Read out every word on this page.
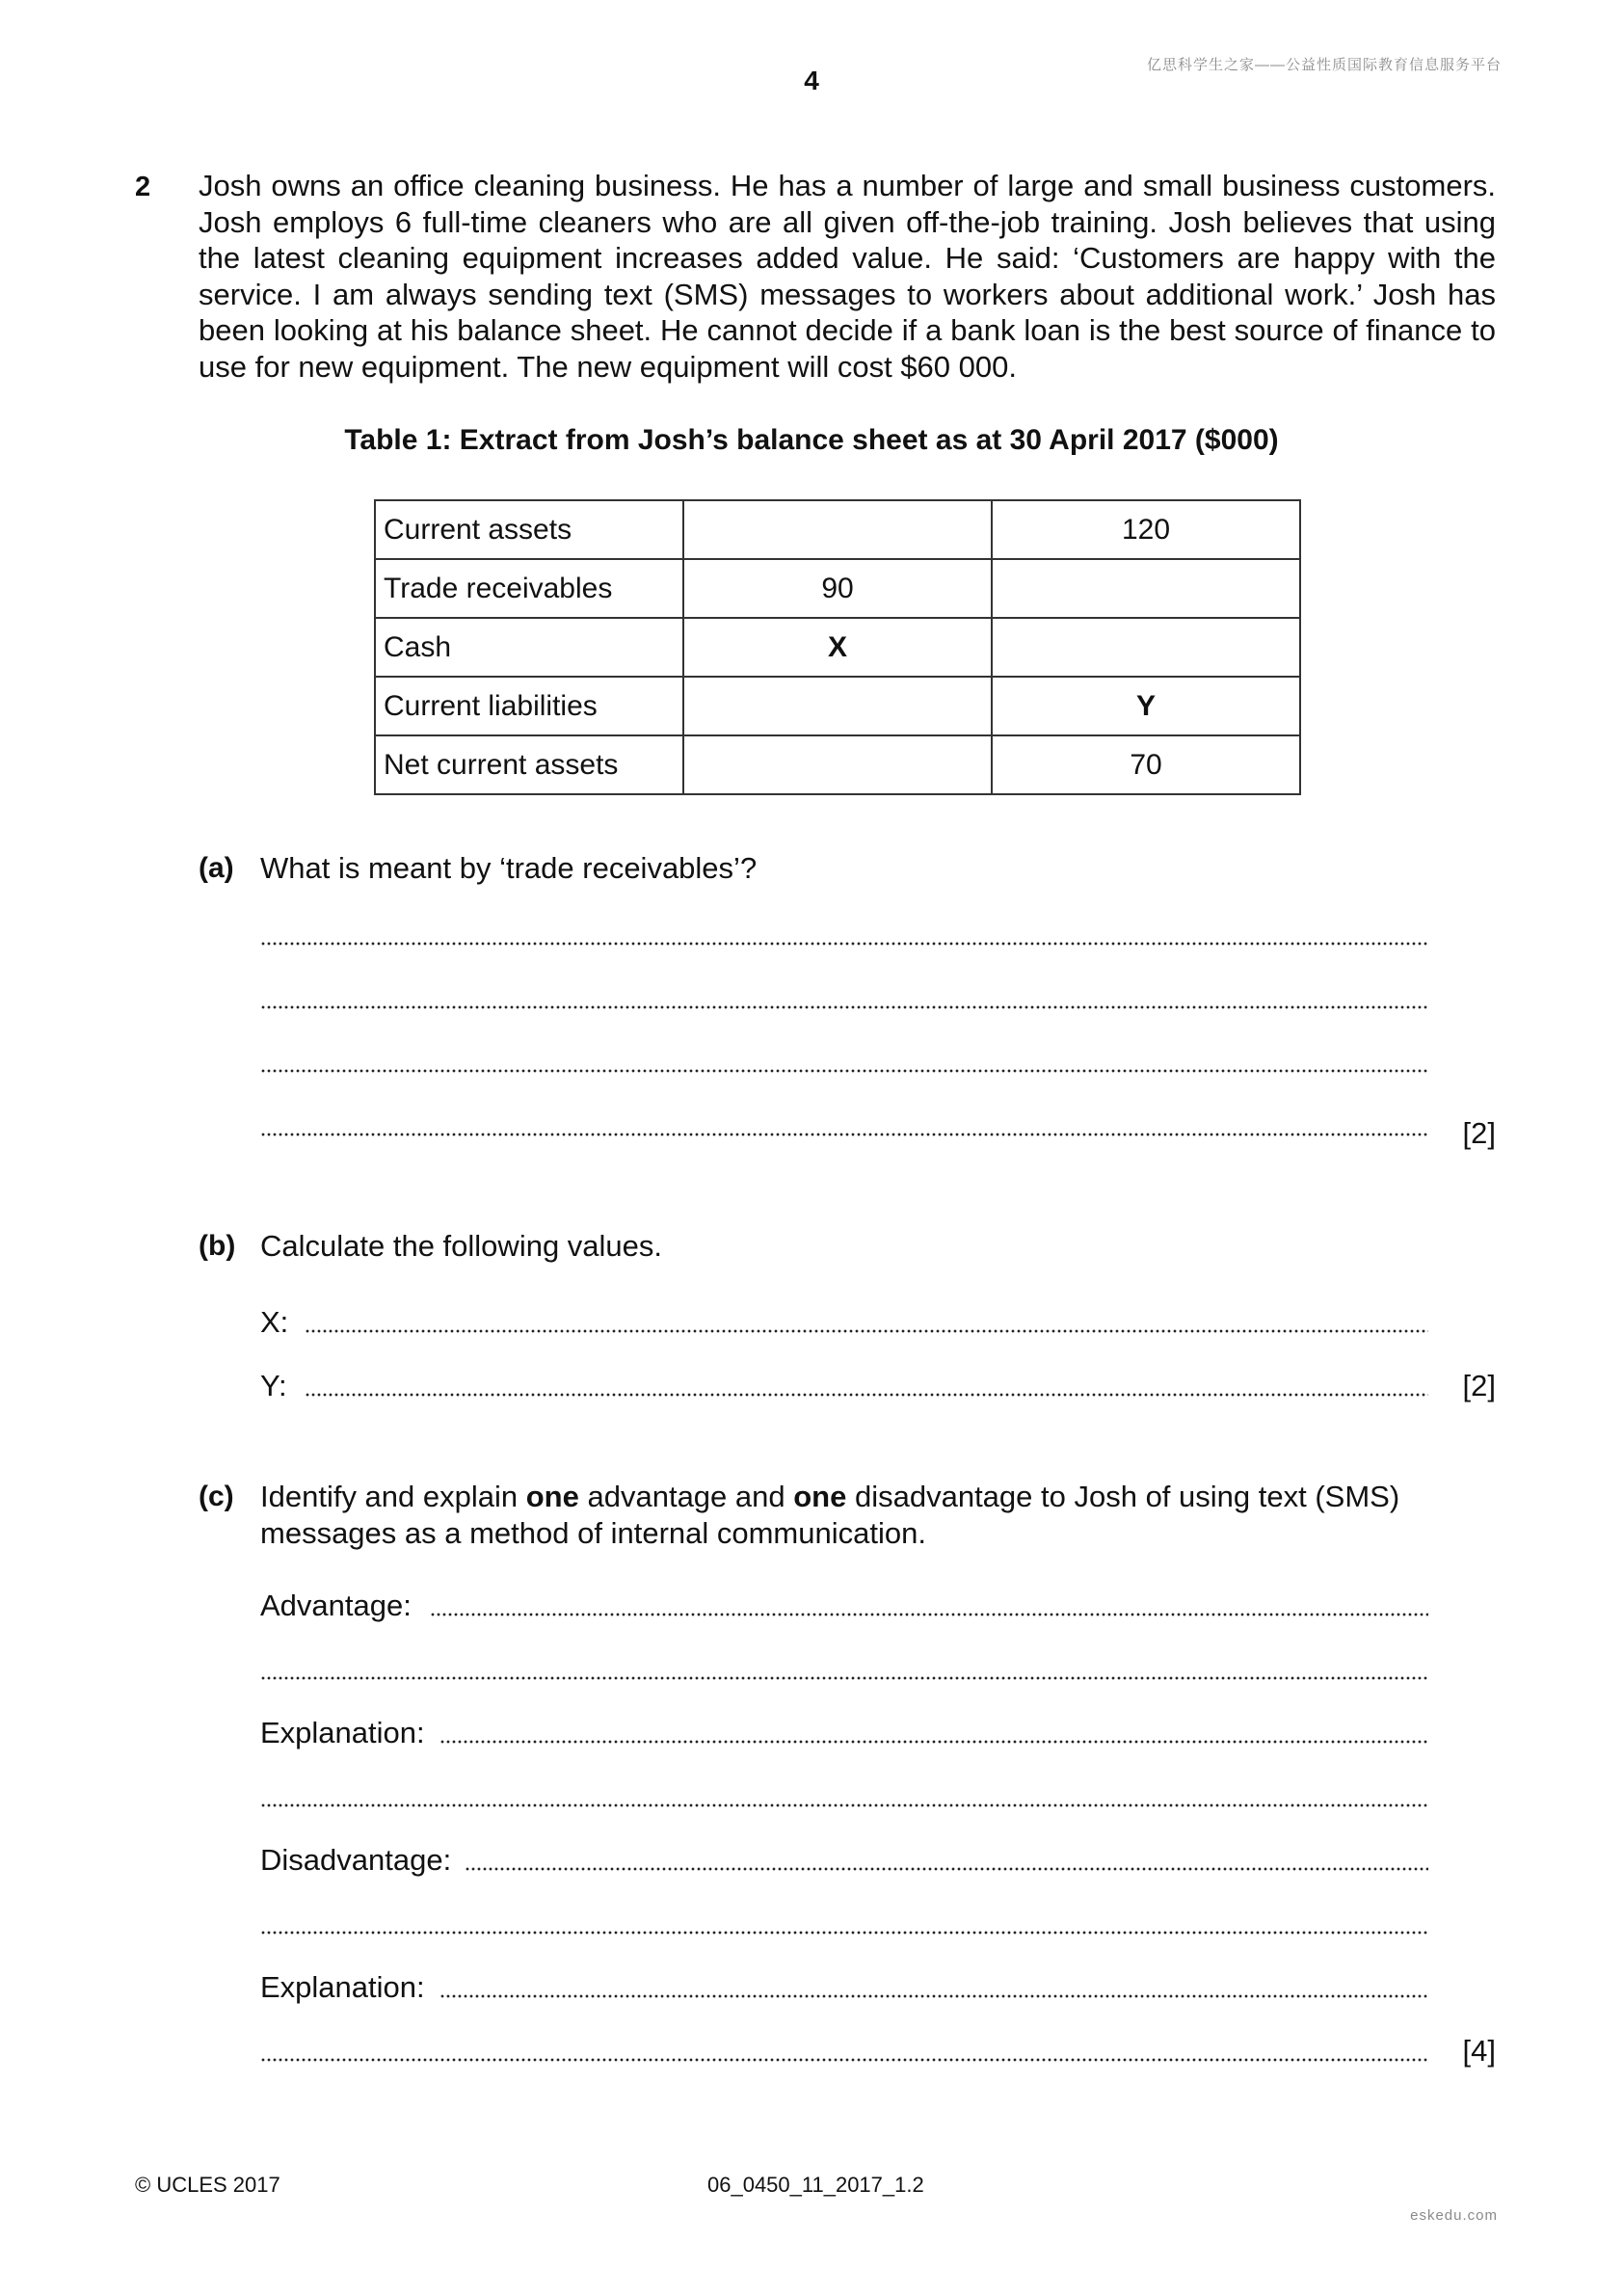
亿思科学生之家——公益性质国际教育信息服务平台
4
2 Josh owns an office cleaning business. He has a number of large and small business customers. Josh employs 6 full-time cleaners who are all given off-the-job training. Josh believes that using the latest cleaning equipment increases added value. He said: ‘Customers are happy with the service. I am always sending text (SMS) messages to workers about additional work.’ Josh has been looking at his balance sheet. He cannot decide if a bank loan is the best source of finance to use for new equipment. The new equipment will cost $60 000.
Table 1: Extract from Josh’s balance sheet as at 30 April 2017 ($000)
Current assets		120
Trade receivables	90	
Cash	X	
Current liabilities		Y
Net current assets		70
(a) What is meant by ‘trade receivables’?
[2]
(b) Calculate the following values.
X:
Y:	[2]
(c) Identify and explain one advantage and one disadvantage to Josh of using text (SMS) messages as a method of internal communication.
Advantage:
Explanation:
Disadvantage:
Explanation:
[4]
© UCLES 2017	06_0450_11_2017_1.2
eskedu.com
